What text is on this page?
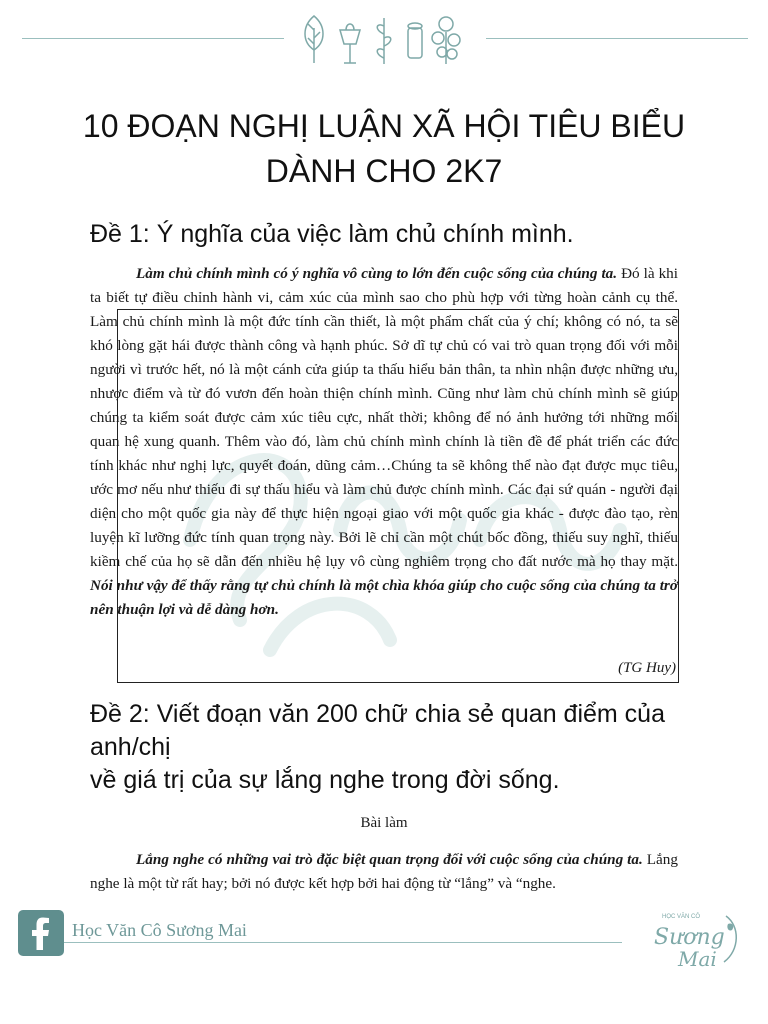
10 ĐOẠN NGHỊ LUẬN XÃ HỘI TIÊU BIỂU DÀNH CHO 2K7
Đề 1: Ý nghĩa của việc làm chủ chính mình.
Làm chủ chính mình có ý nghĩa vô cùng to lớn đến cuộc sống của chúng ta. Đó là khi ta biết tự điều chỉnh hành vi, cảm xúc của mình sao cho phù hợp với từng hoàn cảnh cụ thể. Làm chủ chính mình là một đức tính cần thiết, là một phẩm chất của ý chí; không có nó, ta sẽ khó lòng gặt hái được thành công và hạnh phúc. Sở dĩ tự chủ có vai trò quan trọng đối với mỗi người vì trước hết, nó là một cánh cửa giúp ta thấu hiểu bản thân, ta nhìn nhận được những ưu, nhược điểm và từ đó vươn đến hoàn thiện chính mình. Cũng như làm chủ chính mình sẽ giúp chúng ta kiểm soát được cảm xúc tiêu cực, nhất thời; không để nó ảnh hưởng tới những mối quan hệ xung quanh. Thêm vào đó, làm chủ chính mình chính là tiền đề để phát triển các đức tính khác như nghị lực, quyết đoán, dũng cảm…Chúng ta sẽ không thể nào đạt được mục tiêu, ước mơ nếu như thiếu đi sự thấu hiểu và làm chủ được chính mình. Các đại sứ quán - người đại diện cho một quốc gia này để thực hiện ngoại giao với một quốc gia khác - được đào tạo, rèn luyện kĩ lưỡng đức tính quan trọng này. Bởi lẽ chỉ cần một chút bốc đồng, thiếu suy nghĩ, thiếu kiềm chế của họ sẽ dẫn đến nhiều hệ lụy vô cùng nghiêm trọng cho đất nước mà họ thay mặt. Nói như vậy để thấy rằng tự chủ chính là một chìa khóa giúp cho cuộc sống của chúng ta trở nên thuận lợi và dễ dàng hơn.
(TG Huy)
Đề 2: Viết đoạn văn 200 chữ chia sẻ quan điểm của anh/chị
về giá trị của sự lắng nghe trong đời sống.
Bài làm
Lắng nghe có những vai trò đặc biệt quan trọng đối với cuộc sống của chúng ta. Lắng nghe là một từ rất hay; bởi nó được kết hợp bởi hai động từ “lắng” và “nghe.
Học Văn Cô Sương Mai
HỌC VĂN CÔ
Sương
Mai
